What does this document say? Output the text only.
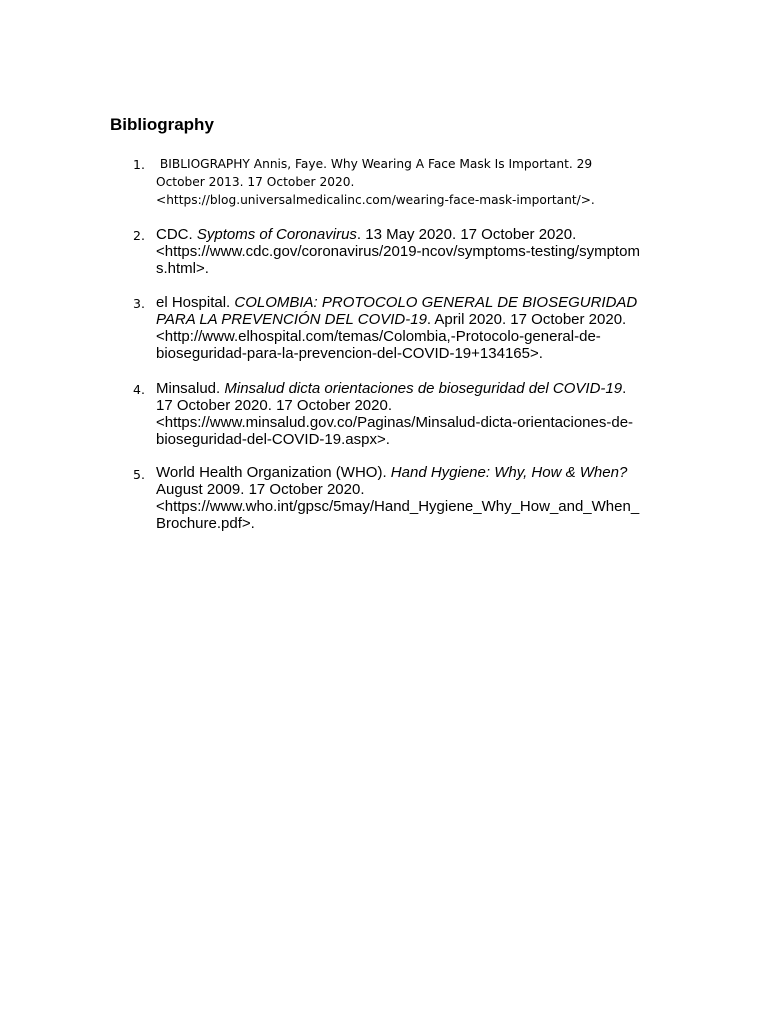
Bibliography
1. BIBLIOGRAPHY Annis, Faye. Why Wearing A Face Mask Is Important. 29
October 2013. 17 October 2020.
<https://blog.universalmedicalinc.com/wearing-face-mask-important/>.
2. CDC. Syptoms of Coronavirus. 13 May 2020. 17 October 2020.
<https://www.cdc.gov/coronavirus/2019-ncov/symptoms-testing/symptom
s.html>.
3. el Hospital. COLOMBIA: PROTOCOLO GENERAL DE BIOSEGURIDAD
PARA LA PREVENCIÓN DEL COVID-19. April 2020. 17 October 2020.
<http://www.elhospital.com/temas/Colombia,-Protocolo-general-de-
bioseguridad-para-la-prevencion-del-COVID-19+134165>.
4. Minsalud. Minsalud dicta orientaciones de bioseguridad del COVID-19.
17 October 2020. 17 October 2020.
<https://www.minsalud.gov.co/Paginas/Minsalud-dicta-orientaciones-de-
bioseguridad-del-COVID-19.aspx>.
5. World Health Organization (WHO). Hand Hygiene: Why, How & When?
August 2009. 17 October 2020.
<https://www.who.int/gpsc/5may/Hand_Hygiene_Why_How_and_When_
Brochure.pdf>.
